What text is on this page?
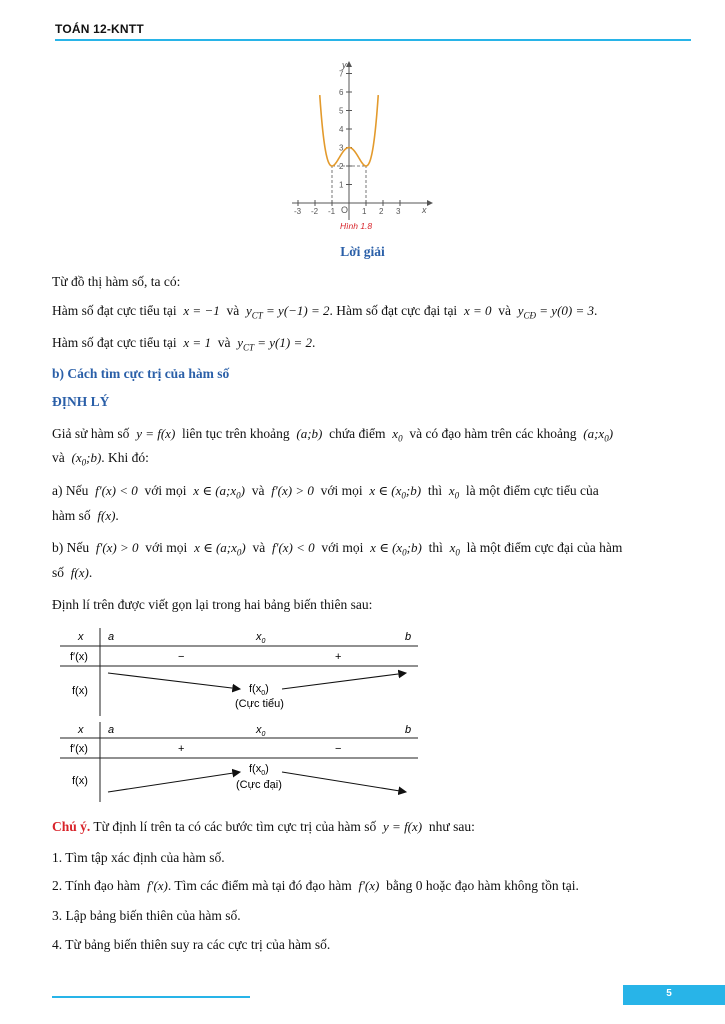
TOÁN 12-KNTT
1
2
3
4
5
6
7
-3 -2 -1	1 2 3
y
x
O
Hình 1.8
Lời giải
Từ đồ thị hàm số, ta có:
Hàm số đạt cực tiểu tại x = −1 và $y_{CT} = y(-1) = 2$. Hàm số đạt cực đại tại x = 0 và $y_{CĐ} = y(0) = 3$.
Hàm số đạt cực tiểu tại x = 1 và $y_{CT} = y(1) = 2$.
b) Cách tìm cực trị của hàm số
ĐỊNH LÝ
Giả sử hàm số y = f(x) liên tục trên khoảng (a;b) chứa điểm $x_0$ và có đạo hàm trên các khoảng $(a;x_0)$
và $(x_0;b)$. Khi đó:
a) Nếu f′(x) < 0 với mọi x ∈ $(a;x_0)$ và f′(x) > 0 với mọi x ∈ $(x_0;b)$ thì $x_0$ là một điểm cực tiểu của
hàm số f(x).
b) Nếu f′(x) > 0 với mọi x ∈ $(a;x_0)$ và f′(x) < 0 với mọi x ∈ $(x_0;b)$ thì $x_0$ là một điểm cực đại của hàm
số f(x).
Định lí trên được viết gọn lại trong hai bảng biến thiên sau:
x a	$x_0$	b
f′(x)	−	+
f(x)	$f(x_0)$
(Cực tiểu)
x a	$x_0$	b
f′(x)	+	−
f(x)
$f(x_0)$
(Cực đại)
Chú ý. Từ định lí trên ta có các bước tìm cực trị của hàm số y = f(x) như sau:
1. Tìm tập xác định của hàm số.
2. Tính đạo hàm f′(x). Tìm các điểm mà tại đó đạo hàm f′(x) bằng 0 hoặc đạo hàm không tồn tại.
3. Lập bảng biến thiên của hàm số.
4. Từ bảng biến thiên suy ra các cực trị của hàm số.
5
